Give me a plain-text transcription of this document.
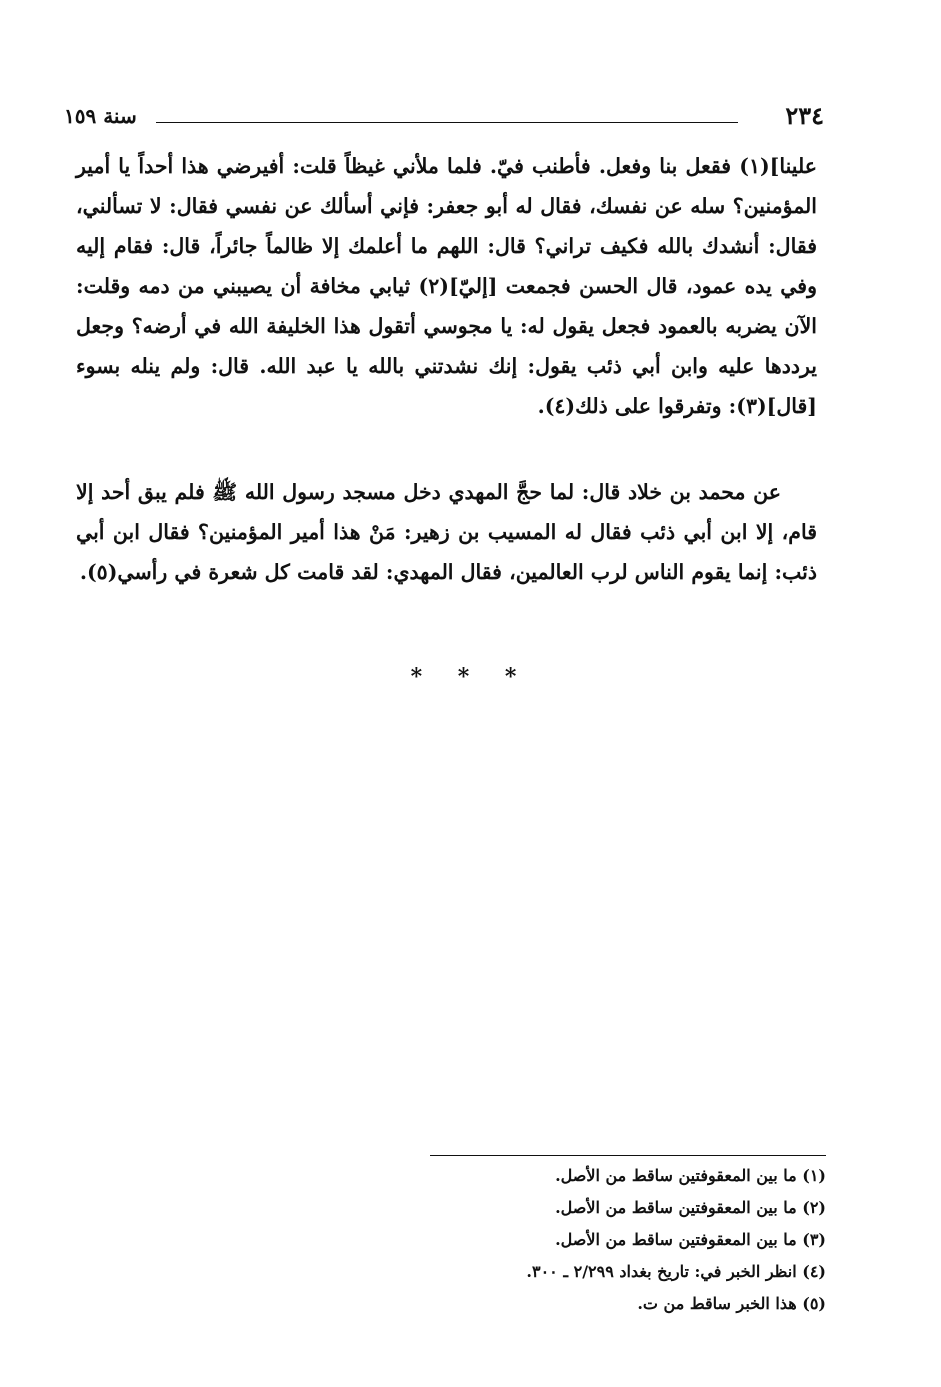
٢٣٤
سنة ١٥٩

علينا](١) فقعل بنا وفعل. فأطنب فيّ. فلما ملأني غيظاً قلت: أفيرضي هذا أحداً يا أمير المؤمنين؟ سله عن نفسك، فقال له أبو جعفر: فإني أسألك عن نفسي فقال: لا تسألني، فقال: أنشدك بالله فكيف تراني؟ قال: اللهم ما أعلمك إلا ظالماً جائراً، قال: فقام إليه وفي يده عمود، قال الحسن فجمعت [إليّ](٢) ثيابي مخافة أن يصيبني من دمه وقلت: الآن يضربه بالعمود فجعل يقول له: يا مجوسي أتقول هذا الخليفة الله في أرضه؟ وجعل يرددها عليه وابن أبي ذئب يقول: إنك نشدتني بالله يا عبد الله. قال: ولم ينله بسوء [قال](٣): وتفرقوا على ذلك(٤).

عن محمد بن خلاد قال: لما حجَّ المهدي دخل مسجد رسول الله ﷺ فلم يبق أحد إلا قام، إلا ابن أبي ذئب فقال له المسيب بن زهير: مَنْ هذا أمير المؤمنين؟ فقال ابن أبي ذئب: إنما يقوم الناس لرب العالمين، فقال المهدي: لقد قامت كل شعرة في رأسي(٥).

* * *
(١) ما بين المعقوفتين ساقط من الأصل.
(٢) ما بين المعقوفتين ساقط من الأصل.
(٣) ما بين المعقوفتين ساقط من الأصل.
(٤) انظر الخبر في: تاريخ بغداد ٢/٢٩٩ ـ ٣٠٠.
(٥) هذا الخبر ساقط من ت.
